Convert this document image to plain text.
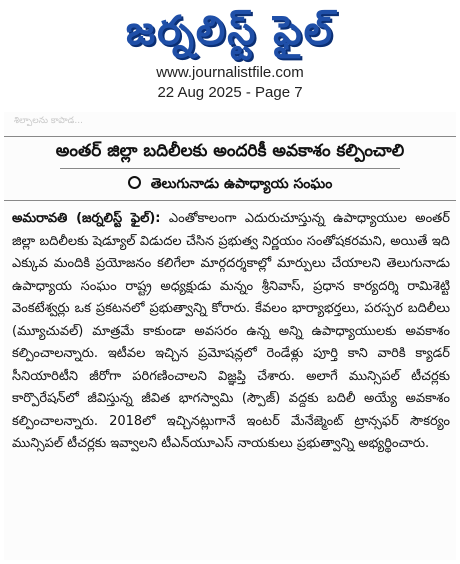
జర్నలిస్ట్ ఫైల్
www.journalistfile.com
22 Aug 2025 - Page 7
శిల్పాలను కాపాడ...
అంతర్ జిల్లా బదిలీలకు అందరికీ అవకాశం కల్పించాలి
తెలుగునాడు ఉపాధ్యాయ సంఘం

అమరావతి (జర్నలిస్ట్ ఫైల్): ఎంతోకాలంగా ఎదురుచూస్తున్న ఉపాధ్యాయుల అంతర్ జిల్లా బదిలీలకు షెడ్యూల్ విడుదల చేసిన ప్రభుత్వ నిర్ణయం సంతోషకరమని, అయితే ఇది ఎక్కువ మందికి ప్రయోజనం కలిగేలా మార్గదర్శకాల్లో మార్పులు చేయాలని తెలుగునాడు ఉపాధ్యాయ సంఘం రాష్ట్ర అధ్యక్షుడు మన్నం శ్రీనివాస్, ప్రధాన కార్యదర్శి రామిశెట్టి వెంకటేశ్వర్లు ఒక ప్రకటనలో ప్రభుత్వాన్ని కోరారు. కేవలం భార్యాభర్తలు, పరస్పర బదిలీలు (మ్యూచువల్) మాత్రమే కాకుండా అవసరం ఉన్న అన్ని ఉపాధ్యాయులకు అవకాశం కల్పించాలన్నారు. ఇటీవల ఇచ్చిన ప్రమోషన్లలో రెండేళ్లు పూర్తి కాని వారికి క్యాడర్ సీనియారిటీని జీరోగా పరిగణించాలని విజ్ఞప్తి చేశారు. అలాగే మున్సిపల్ టీచర్లకు కార్పొరేషన్‌లో జీవిస్తున్న జీవిత భాగస్వామి (స్పౌజ్) వద్దకు బదిలీ అయ్యే అవకాశం కల్పించాలన్నారు. 2018లో ఇచ్చినట్లుగానే ఇంటర్ మేనేజ్మెంట్ ట్రాన్సఫర్ సౌకర్యం మున్సిపల్ టీచర్లకు ఇవ్వాలని టీఎన్‌యూఎస్ నాయకులు ప్రభుత్వాన్ని అభ్యర్థించారు.
